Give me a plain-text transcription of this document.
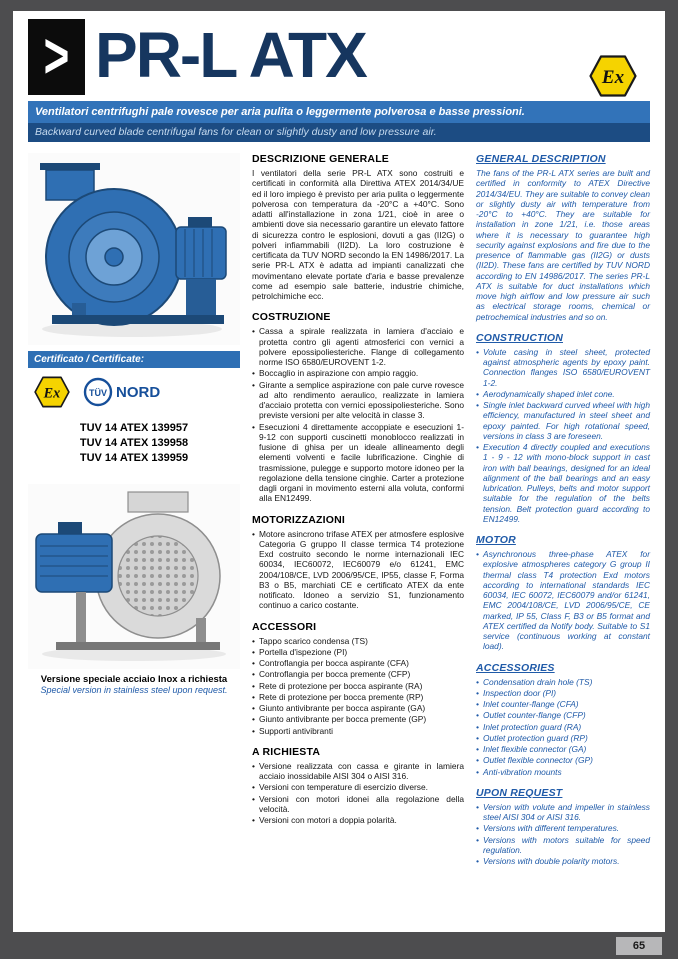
> PR-L ATX	Ex
Ventilatori centrifughi pale rovesce per aria pulita o leggermente polverosa e basse pressioni.
Backward curved blade centrifugal fans for clean or slightly dusty and low pressure air.
Certificato / Certificate:
Ex	TÜV NORD
TUV 14 ATEX 139957
TUV 14 ATEX 139958
TUV 14 ATEX 139959
Versione speciale acciaio Inox a richiesta
Special version in stainless steel upon request.
DESCRIZIONE GENERALE

I ventilatori della serie PR-L ATX sono costruiti e certificati in conformità alla Direttiva ATEX 2014/34/UE ed il loro impiego è previsto per aria pulita o leggermente polverosa con temperatura da -20°C a +40°C. Sono adatti all'installazione in zona 1/21, cioè in aree o ambienti dove sia necessario garantire un elevato fattore di sicurezza contro le esplosioni, dovuti a gas (II2G) o polveri infiammabili (II2D). La loro costruzione è certificata da TUV NORD secondo la EN 14986/2017. La serie PR-L ATX è adatta ad impianti canalizzati che movimentano elevate portate d'aria e basse prevalenze come ad esempio sale batterie, industrie chimiche, petrolchimiche ecc.

COSTRUZIONE
• Cassa a spirale realizzata in lamiera d'acciaio e protetta contro gli agenti atmosferici con vernici a polvere epossipoliesteriche. Flange di collegamento norme ISO 6580/EUROVENT 1-2.
• Boccaglio in aspirazione con ampio raggio.
• Girante a semplice aspirazione con pale curve rovesce ad alto rendimento aeraulico, realizzate in lamiera d'acciaio protetta con vernici epossipoliesteriche. Sono previste versioni per alte velocità in classe 3.
• Esecuzioni 4 direttamente accoppiate e esecuzioni 1-9-12 con supporti cuscinetti monoblocco realizzati in fusione di ghisa per un ideale allineamento degli elementi volventi e facile lubrificazione. Cinghie di trasmissione, pulegge e supporto motore idoneo per la regolazione della tensione cinghie. Carter a protezione dagli organi in movimento esterni alla voluta, conformi alla EN12499.
MOTORIZZAZIONI
• Motore asincrono trifase ATEX per atmosfere esplosive Categoria G gruppo II classe termica T4 protezione Exd costruito secondo le norme internazionali IEC 60034, IEC60072, IEC60079 e/o 61241, EMC 2004/108/CE, LVD 2006/95/CE, IP55, classe F, Forma B3 o B5, marchiati CE e certificato ATEX da ente notificato. Idoneo a servizio S1, funzionamento continuo a carico costante.
ACCESSORI
• Tappo scarico condensa (TS)
• Portella d'ispezione (PI)
• Controflangia per bocca aspirante (CFA)
• Controflangia per bocca premente (CFP)
• Rete di protezione per bocca aspirante (RA)
• Rete di protezione per bocca premente (RP)
• Giunto antivibrante per bocca aspirante (GA)
• Giunto antivibrante per bocca premente (GP)
• Supporti antivibranti
A RICHIESTA
• Versione realizzata con cassa e girante in lamiera acciaio inossidabile AISI 304 o AISI 316.
• Versioni con temperature di esercizio diverse.
• Versioni con motori idonei alla regolazione della velocità.
• Versioni con motori a doppia polarità.
GENERAL DESCRIPTION

The fans of the PR-L ATX series are built and certified in conformity to ATEX Directive 2014/34/EU. They are suitable to convey clean or slightly dusty air with temperature from -20°C to +40°C. They are suitable for installation in zone 1/21, i.e. those areas where it is necessary to guarantee high security against explosions and fire due to the presence of flammable gas (II2G) or dusts (II2D). These fans are certified by TUV NORD according to EN 14986/2017. The series PR-L ATX is suitable for duct installations which move high airflow and low pressure air such as electrical storage rooms, chemical or petrochemical industries and so on.

CONSTRUCTION
• Volute casing in steel sheet, protected against atmospheric agents by epoxy paint. Connection flanges ISO 6580/EUROVENT 1-2.
• Aerodynamically shaped inlet cone.
• Single inlet backward curved wheel with high efficiency, manufactured in steel sheet and epoxy painted. For high rotational speed, versions in class 3 are foreseen.
• Execution 4 directly coupled and executions 1 - 9 - 12 with mono-block support in cast iron with ball bearings, designed for an ideal alignment of the ball bearings and an easy lubrication. Pulleys, belts and motor support suitable for the regulation of the belts tension. Belt protection guard according to EN12499.
MOTOR
• Asynchronous three-phase ATEX for explosive atmospheres category G group II thermal class T4 protection Exd motors according to international standards IEC 60034, IEC 60072, IEC60079 and/or 61241, EMC 2004/108/CE, LVD 2006/95/CE, CE marked, IP 55, Class F, B3 or B5 format and ATEX certified da Notify body. Suitable to S1 service (continuous working at constant load).
ACCESSORIES
• Condensation drain hole (TS)
• Inspection door (PI)
• Inlet counter-flange (CFA)
• Outlet counter-flange (CFP)
• Inlet protection guard (RA)
• Outlet protection guard (RP)
• Inlet flexible connector (GA)
• Outlet flexible connector (GP)
• Anti-vibration mounts
UPON REQUEST
• Version with volute and impeller in stainless steel AISI 304 or AISI 316.
• Versions with different temperatures.
• Versions with motors suitable for speed regulation.
• Versions with double polarity motors.
65
